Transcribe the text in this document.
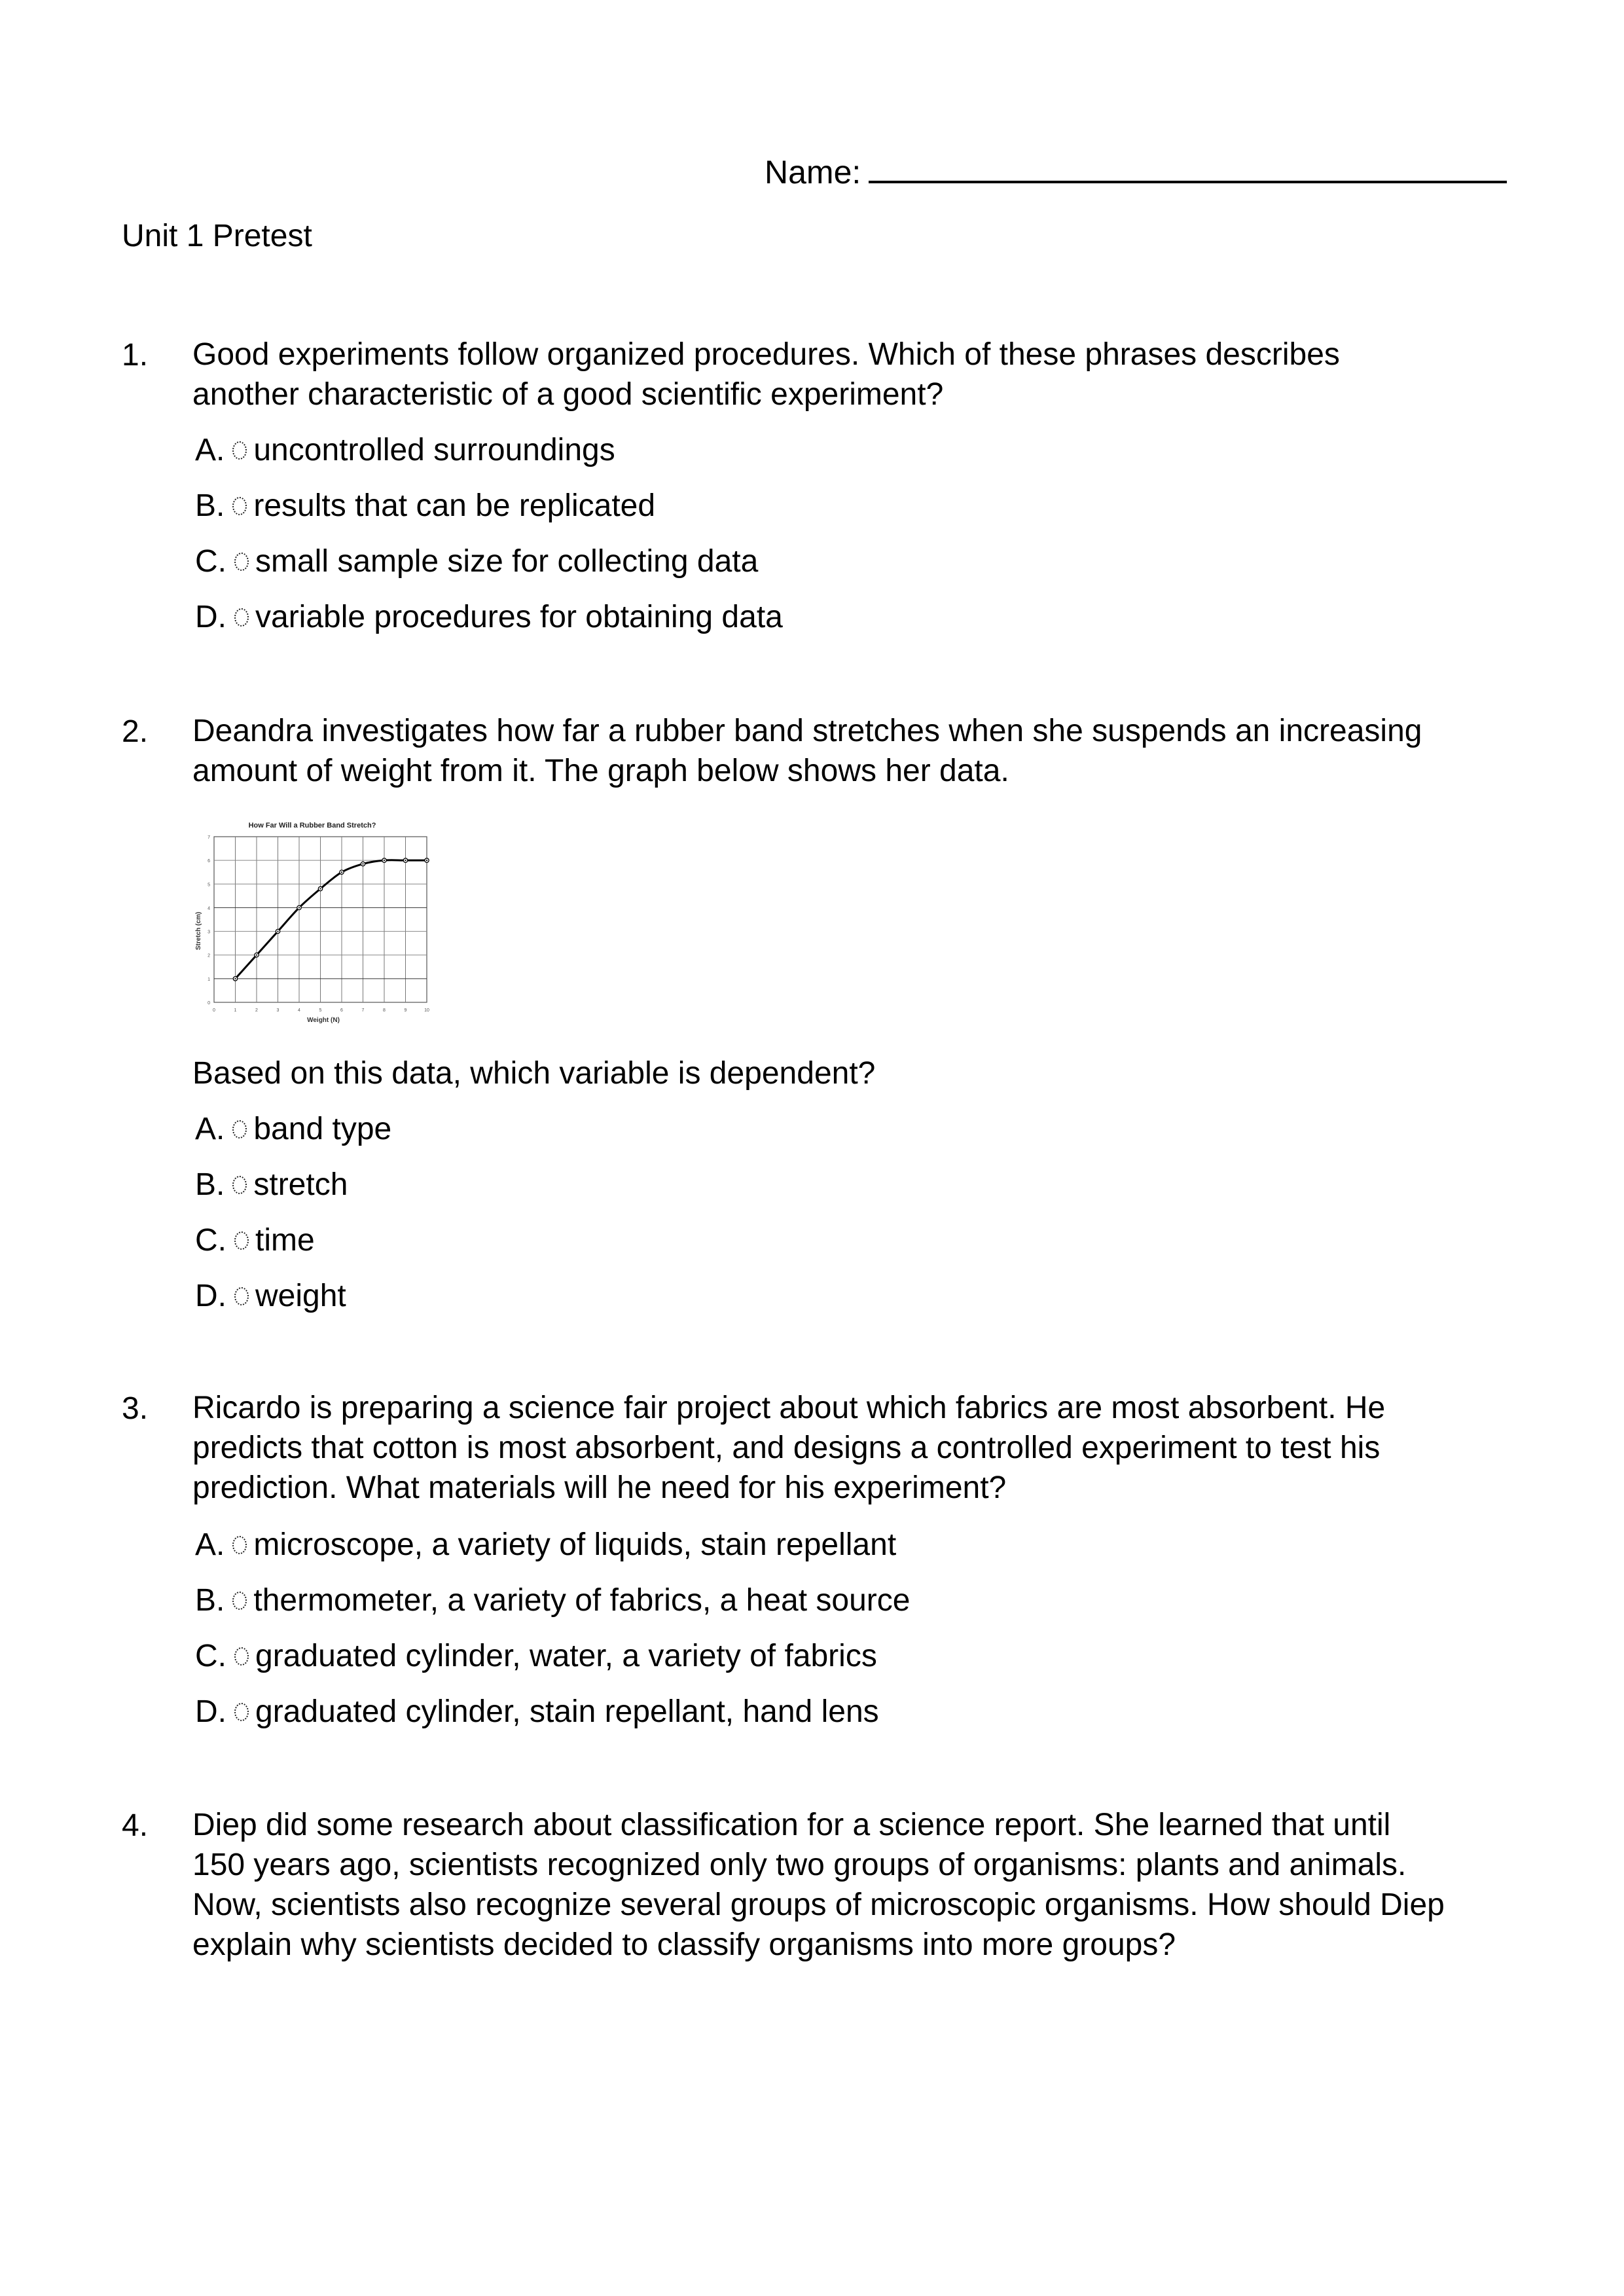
Name:
Unit 1 Pretest
1. Good experiments follow organized procedures. Which of these phrases describes
another characteristic of a good scientific experiment?
A. uncontrolled surroundings
B. results that can be replicated
C. small sample size for collecting data
D. variable procedures for obtaining data
2. Deandra investigates how far a rubber band stretches when she suspends an increasing
amount of weight from it. The graph below shows her data.
How Far Will a Rubber Band Stretch?
0
1
2
3
4
5
6
7
0	1	2	3	4	5	6	7	8	9	10
Stretch (cm)
Weight (N)
Based on this data, which variable is dependent?
A. band type
B. stretch
C. time
D. weight
3. Ricardo is preparing a science fair project about which fabrics are most absorbent. He
predicts that cotton is most absorbent, and designs a controlled experiment to test his
prediction. What materials will he need for his experiment?
A. microscope, a variety of liquids, stain repellant
B. thermometer, a variety of fabrics, a heat source
C. graduated cylinder, water, a variety of fabrics
D. graduated cylinder, stain repellant, hand lens
4. Diep did some research about classification for a science report. She learned that until
150 years ago, scientists recognized only two groups of organisms: plants and animals.
Now, scientists also recognize several groups of microscopic organisms. How should Diep
explain why scientists decided to classify organisms into more groups?
